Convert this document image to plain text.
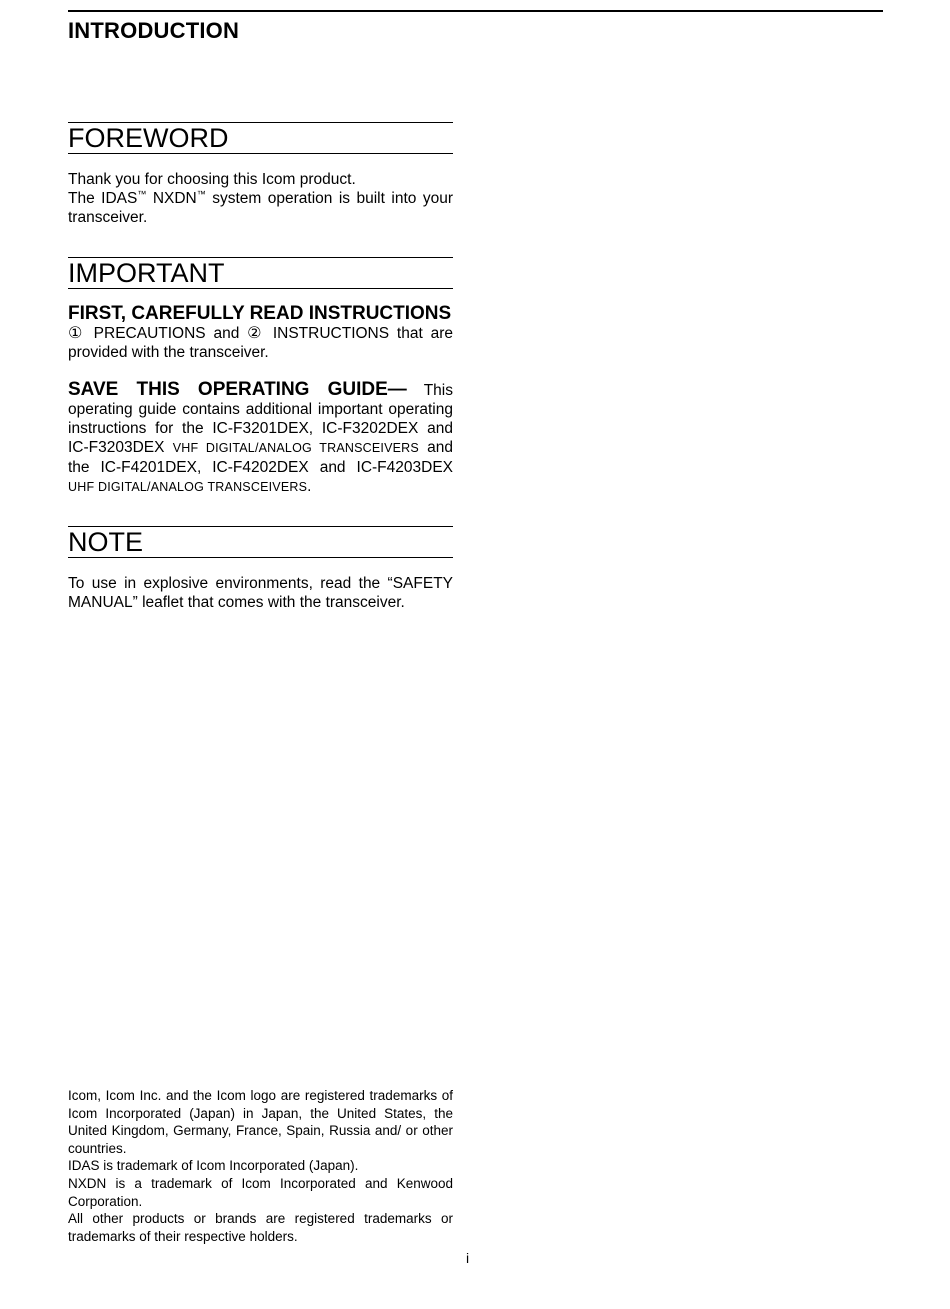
INTRODUCTION
FOREWORD

Thank you for choosing this Icom product.

The IDAS™ NXDN™ system operation is built into your transceiver.

IMPORTANT
FIRST, CAREFULLY READ INSTRUCTIONS

① PRECAUTIONS and ② INSTRUCTIONS that are provided with the transceiver.

SAVE THIS OPERATING GUIDE— This operating guide contains additional important operating instructions for the IC-F3201DEX, IC-F3202DEX and IC-F3203DEX VHF DIGITAL/ANALOG TRANSCEIVERS and the IC-F4201DEX, IC-F4202DEX and IC-F4203DEX UHF DIGITAL/ANALOG TRANSCEIVERS.

NOTE

To use in explosive environments, read the “SAFETY MANUAL” leaflet that comes with the transceiver.

Icom, Icom Inc. and the Icom logo are registered trademarks of Icom Incorporated (Japan) in Japan, the United States, the United Kingdom, Germany, France, Spain, Russia and/ or other countries.

IDAS is trademark of Icom Incorporated (Japan).

NXDN is a trademark of Icom Incorporated and Kenwood Corporation.

All other products or brands are registered trademarks or trademarks of their respective holders.

i
